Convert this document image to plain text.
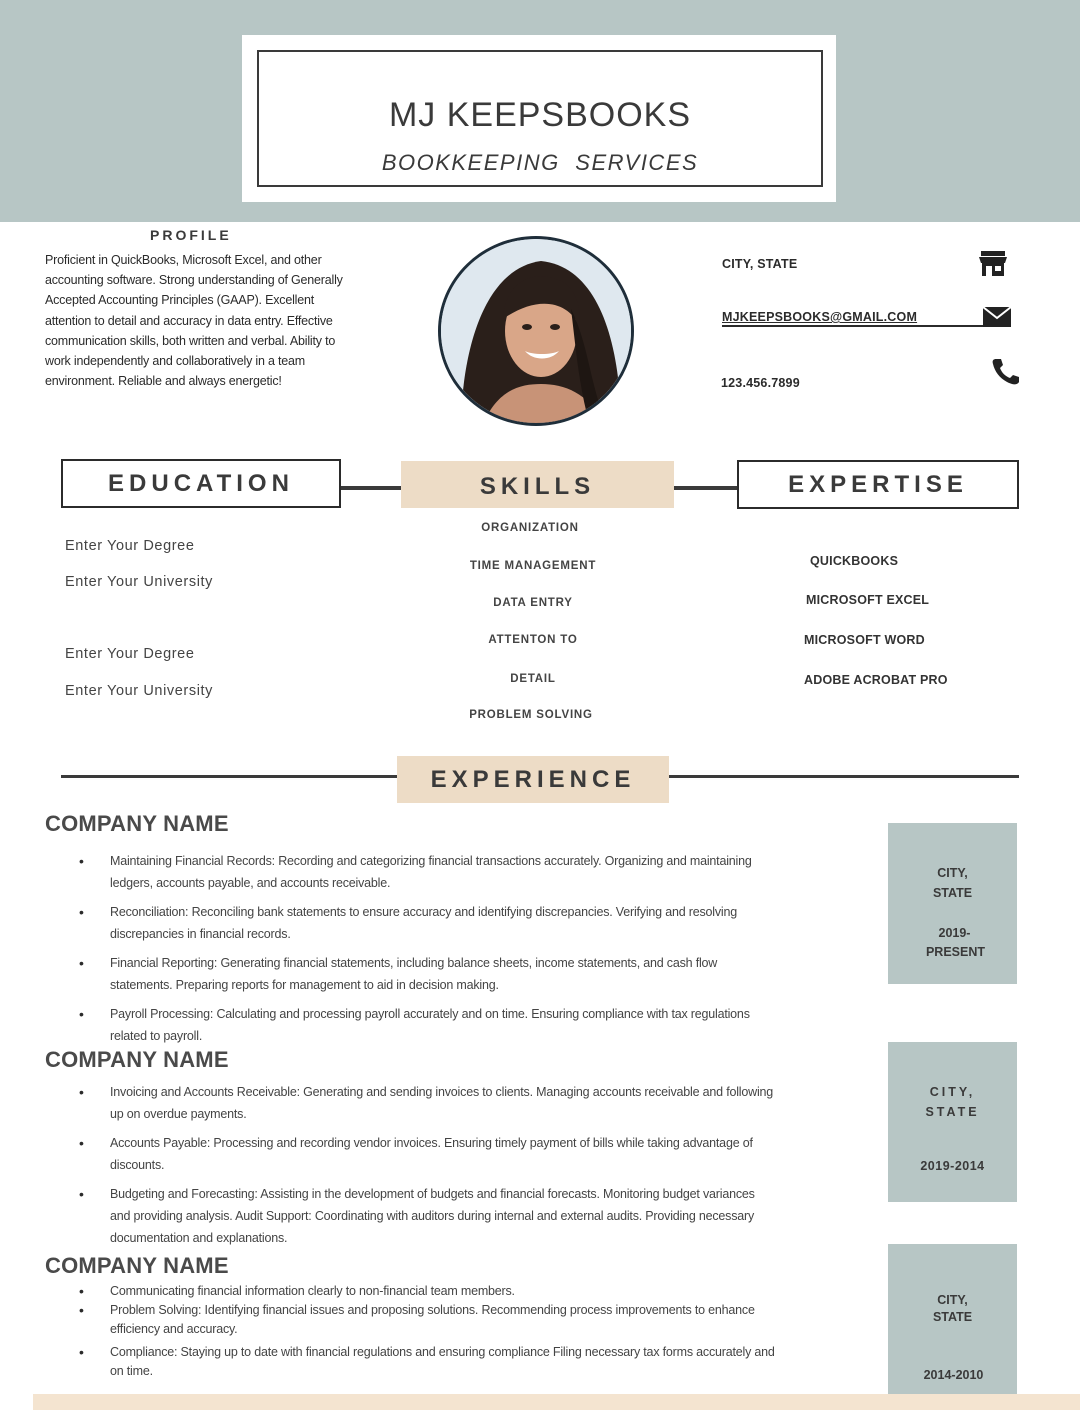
MJ KEEPSBOOKS
BOOKKEEPING SERVICES
PROFILE
Proficient in QuickBooks, Microsoft Excel, and other accounting software. Strong understanding of Generally Accepted Accounting Principles (GAAP). Excellent attention to detail and accuracy in data entry. Effective communication skills, both written and verbal. Ability to work independently and collaboratively in a team environment. Reliable and always energetic!
CITY, STATE
MJKEEPSBOOKS@GMAIL.COM
123.456.7899
EDUCATION	SKILLS	EXPERTISE
Enter Your Degree
Enter Your University
Enter Your Degree
Enter Your University
ORGANIZATION
TIME MANAGEMENT
DATA ENTRY
ATTENTON TO
DETAIL
PROBLEM SOLVING
QUICKBOOKS
MICROSOFT EXCEL
MICROSOFT WORD
ADOBE ACROBAT PRO
EXPERIENCE
COMPANY NAME
• Maintaining Financial Records: Recording and categorizing financial transactions accurately. Organizing and maintaining ledgers, accounts payable, and accounts receivable.
• Reconciliation: Reconciling bank statements to ensure accuracy and identifying discrepancies. Verifying and resolving discrepancies in financial records.
• Financial Reporting: Generating financial statements, including balance sheets, income statements, and cash flow statements. Preparing reports for management to aid in decision making.
• Payroll Processing: Calculating and processing payroll accurately and on time. Ensuring compliance with tax regulations related to payroll.
CITY,
STATE
2019-
PRESENT
COMPANY NAME
• Invoicing and Accounts Receivable: Generating and sending invoices to clients. Managing accounts receivable and following up on overdue payments.
• Accounts Payable: Processing and recording vendor invoices. Ensuring timely payment of bills while taking advantage of discounts.
• Budgeting and Forecasting: Assisting in the development of budgets and financial forecasts. Monitoring budget variances and providing analysis. Audit Support: Coordinating with auditors during internal and external audits. Providing necessary documentation and explanations.
CITY,
STATE
2019-2014
COMPANY NAME
• Communicating financial information clearly to non-financial team members.
• Problem Solving: Identifying financial issues and proposing solutions. Recommending process improvements to enhance efficiency and accuracy.
• Compliance: Staying up to date with financial regulations and ensuring compliance Filing necessary tax forms accurately and on time.
CITY,
STATE
2014-2010
